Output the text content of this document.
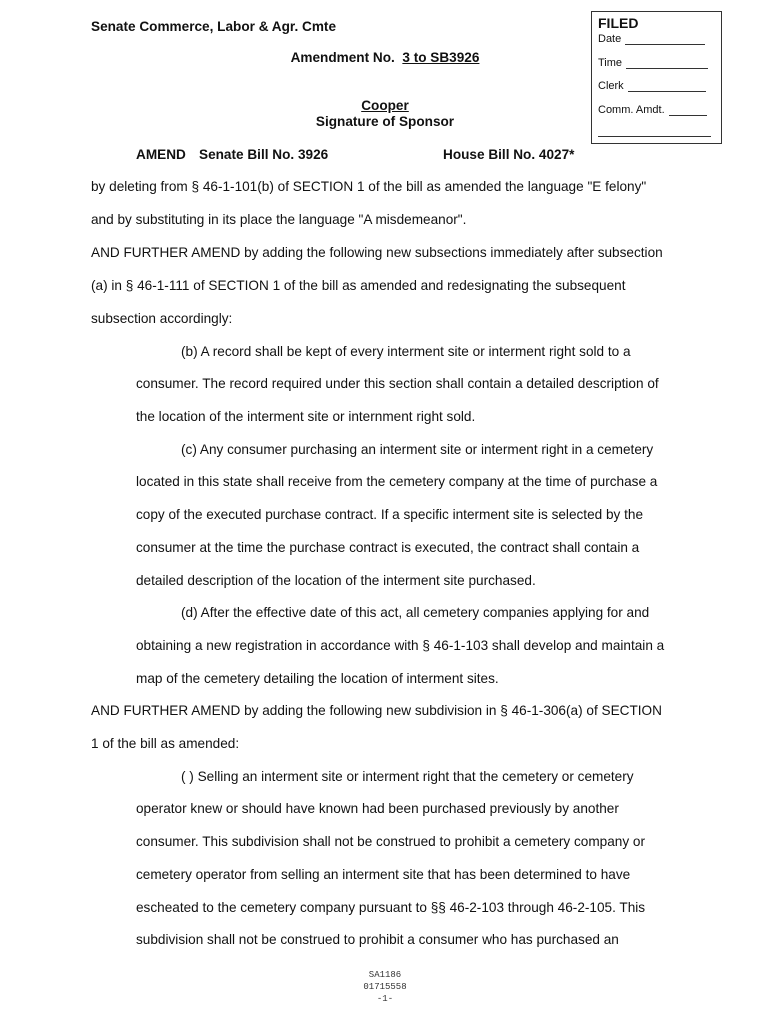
Senate Commerce, Labor & Agr. Cmte	FILED
Date
Time
Clerk
Comm. Amdt.
Amendment No. 3 to SB3926
Cooper
Signature of Sponsor
AMEND Senate Bill No. 3926	House Bill No. 4027*
by deleting from § 46-1-101(b) of SECTION 1 of the bill as amended the language "E felony"
and by substituting in its place the language "A misdemeanor".
AND FURTHER AMEND by adding the following new subsections immediately after subsection
(a) in § 46-1-111 of SECTION 1 of the bill as amended and redesignating the subsequent
subsection accordingly:
(b) A record shall be kept of every interment site or interment right sold to a
consumer. The record required under this section shall contain a detailed description of
the location of the interment site or internment right sold.
(c) Any consumer purchasing an interment site or interment right in a cemetery
located in this state shall receive from the cemetery company at the time of purchase a
copy of the executed purchase contract. If a specific interment site is selected by the
consumer at the time the purchase contract is executed, the contract shall contain a
detailed description of the location of the interment site purchased.
(d) After the effective date of this act, all cemetery companies applying for and
obtaining a new registration in accordance with § 46-1-103 shall develop and maintain a
map of the cemetery detailing the location of interment sites.
AND FURTHER AMEND by adding the following new subdivision in § 46-1-306(a) of SECTION
1 of the bill as amended:
( ) Selling an interment site or interment right that the cemetery or cemetery
operator knew or should have known had been purchased previously by another
consumer. This subdivision shall not be construed to prohibit a cemetery company or
cemetery operator from selling an interment site that has been determined to have
escheated to the cemetery company pursuant to §§ 46-2-103 through 46-2-105. This
subdivision shall not be construed to prohibit a consumer who has purchased an
SA1186
01715558
-1-
